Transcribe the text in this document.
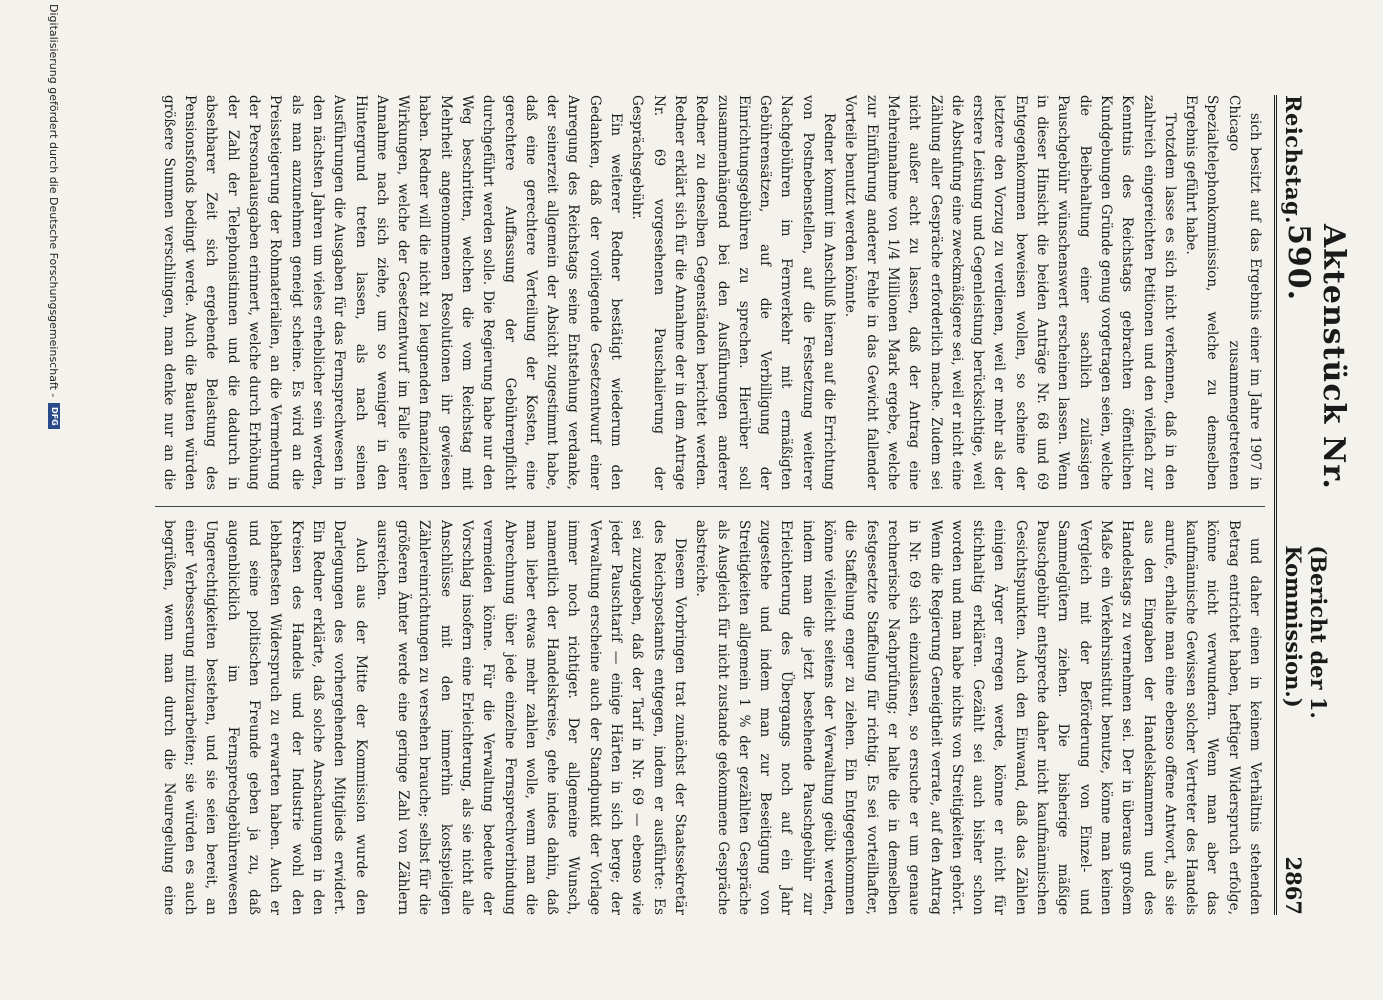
Reichstag.
Aktenstück Nr. 590.
(Bericht der 1. Kommission.)
2867

sich besitzt auf das Ergebnis einer im Jahre 1907 in Chicago zusammengetretenen Spezialtelephonkommission, welche zu demselben Ergebnis geführt habe.

Trotzdem lasse es sich nicht verkennen, daß in den zahlreich eingereichten Petitionen und den vielfach zur Kenntnis des Reichstags gebrachten öffentlichen Kundgebungen Gründe genug vorgetragen seien, welche die Beibehaltung einer sachlich zulässigen Pauschgebühr wünschenswert erscheinen lassen. Wenn in dieser Hinsicht die beiden Anträge Nr. 68 und 69 Entgegenkommen beweisen wollen, so scheine der letztere den Vorzug zu verdienen, weil er mehr als der erstere Leistung und Gegenleistung berücksichtige, weil die Abstufung eine zweckmäßigere sei, weil er nicht eine Zählung aller Gespräche erforderlich mache. Zudem sei nicht außer acht zu lassen, daß der Antrag eine Mehreinnahme von 1/4 Millionen Mark ergebe, welche zur Einführung anderer Fehle in das Gewicht fallender Vorteile benutzt werden könnte.

Redner kommt im Anschluß hieran auf die Errichtung von Postnebenstellen, auf die Festsetzung weiterer Nachgebühren im Fernverkehr mit ermäßigten Gebührensätzen, auf die Verbilligung der Einrichtungsgebühren zu sprechen. Hierüber soll zusammenhängend bei den Ausführungen anderer Redner zu denselben Gegenständen berichtet werden. Redner erklärt sich für die Annahme der in dem Antrage Nr. 69 vorgesehenen Pauschalierung der Gesprächsgebühr.

Ein weiterer Redner bestätigt wiederum den Gedanken, daß der vorliegende Gesetzentwurf einer Anregung des Reichstags seine Entstehung verdanke, der seinerzeit allgemein der Absicht zugestimmt habe, daß eine gerechtere Verteilung der Kosten, eine gerechtere Auffassung der Gebührenpflicht durchgeführt werden solle. Die Regierung habe nur den Weg beschritten, welchen die vom Reichstag mit Mehrheit angenommenen Resolutionen ihr gewiesen haben. Redner will die nicht zu leugnenden finanziellen Wirkungen, welche der Gesetzentwurf im Falle seiner Annahme nach sich ziehe, um so weniger in den Hintergrund treten lassen, als nach seinen Ausführungen die Ausgaben für das Fernsprechwesen in den nächsten Jahren um vieles erheblicher sein werden, als man anzunehmen geneigt scheine. Es wird an die Preissteigerung der Rohmaterialien, an die Vermehrung der Personalausgaben erinnert, welche durch Erhöhung der Zahl der Telephonistinnen und die dadurch in absehbarer Zeit sich ergebende Belastung des Pensionsfonds bedingt werde. Auch die Bauten würden größere Summen verschlingen, man denke nur an die

und daher einen in keinem Verhältnis stehenden Betrag entrichtet haben, heftiger Widerspruch erfolge, könne nicht verwundern. Wenn man aber das kaufmännische Gewissen solcher Vertreter des Handels anrufe, erhalte man eine ebenso offene Antwort, als sie aus den Eingaben der Handelskammern und des Handelstags zu vernehmen sei. Der in überaus großem Maße ein Verkehrsinstitut benutze, könne man keinen Vergleich mit der Beförderung von Einzel- und Sammelgütern ziehen. Die bisherige mäßige Pauschgebühr entspreche daher nicht kaufmännischen Gesichtspunkten. Auch den Einwand, daß das Zählen einigen Ärger erregen werde, könne er nicht für stichhaltig erklären. Gezählt sei auch bisher schon worden und man habe nichts von Streitigkeiten gehört. Wenn die Regierung Geneigtheit verrate, auf den Antrag in Nr. 69 sich einzulassen, so ersuche er um genaue rechnerische Nachprüfung; er halte die in demselben festgesetzte Staffelung für richtig. Es sei vorteilhafter, die Staffelung enger zu ziehen. Ein Entgegenkommen könne vielleicht seitens der Verwaltung geübt werden, indem man die jetzt bestehende Pauschgebühr zur Erleichterung des Übergangs noch auf ein Jahr zugestehe und indem man zur Beseitigung von Streitigkeiten allgemein 1 % der gezählten Gespräche als Ausgleich für nicht zustande gekommene Gespräche abstreiche.

Diesem Vorbringen trat zunächst der Staatssekretär des Reichspostamts entgegen, indem er ausführte: Es sei zuzugeben, daß der Tarif in Nr. 69 — ebenso wie jeder Pauschtarif — einige Härten in sich berge; der Verwaltung erscheine auch der Standpunkt der Vorlage immer noch richtiger. Der allgemeine Wunsch, namentlich der Handelskreise, gehe indes dahin, daß man lieber etwas mehr zahlen wolle, wenn man die Abrechnung über jede einzelne Fernsprechverbindung vermeiden könne. Für die Verwaltung bedeute der Vorschlag insofern eine Erleichterung, als sie nicht alle Anschlüsse mit den immerhin kostspieligen Zählereinrichtungen zu versehen brauche; selbst für die größeren Ämter werde eine geringe Zahl von Zählern ausreichen.

Auch aus der Mitte der Kommission wurde den Darlegungen des vorhergehenden Mitglieds erwidert. Ein Redner erklärte, daß solche Anschauungen in den Kreisen des Handels und der Industrie wohl den lebhaftesten Widerspruch zu erwarten haben. Auch er und seine politischen Freunde geben ja zu, daß augenblicklich im Fernsprechgebührenwesen Ungerechtigkeiten bestehen, und sie seien bereit, an einer Verbesserung mitzuarbeiten; sie würden es auch begrüßen, wenn man durch die Neuregelung eine

Digitalisierung gefördert durch die Deutsche Forschungsgemeinschaft -
DFG
